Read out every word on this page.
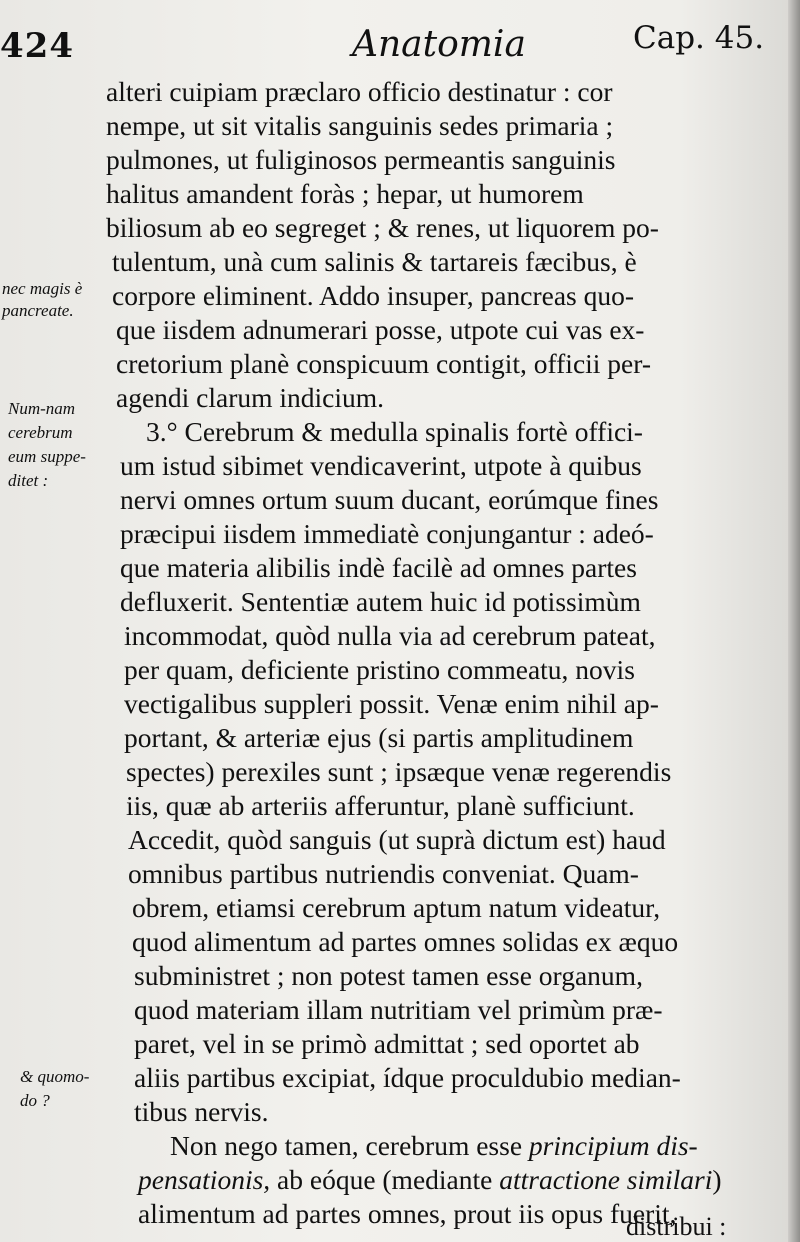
424	Anatomia	Cap. 45.
nec magis è
pancreate.
Num-nam
cerebrum
eum suppe-
ditet :
& quomo-
do ?
alteri cuipiam præclaro officio destinatur : cor
nempe, ut sit vitalis sanguinis sedes primaria ;
pulmones, ut fuliginosos permeantis sanguinis
halitus amandent foràs ; hepar, ut humorem
biliosum ab eo segreget ; & renes, ut liquorem po-
tulentum, unà cum salinis & tartareis fæcibus, è
corpore eliminent. Addo insuper, pancreas quo-
que iisdem adnumerari posse, utpote cui vas ex-
cretorium planè conspicuum contigit, officii per-
agendi clarum indicium.
3.° Cerebrum & medulla spinalis fortè offici-
um istud sibimet vendicaverint, utpote à quibus
nervi omnes ortum suum ducant, eorúmque fines
præcipui iisdem immediatè conjungantur : adeó-
que materia alibilis indè facilè ad omnes partes
defluxerit. Sententiæ autem huic id potissimùm
incommodat, quòd nulla via ad cerebrum pateat,
per quam, deficiente pristino commeatu, novis
vectigalibus suppleri possit. Venæ enim nihil ap-
portant, & arteriæ ejus (si partis amplitudinem
spectes) perexiles sunt ; ipsæque venæ regerendis
iis, quæ ab arteriis afferuntur, planè sufficiunt.
Accedit, quòd sanguis (ut suprà dictum est) haud
omnibus partibus nutriendis conveniat. Quam-
obrem, etiamsi cerebrum aptum natum videatur,
quod alimentum ad partes omnes solidas ex æquo
subministret ; non potest tamen esse organum,
quod materiam illam nutritiam vel primùm præ-
paret, vel in se primò admittat ; sed oportet ab
aliis partibus excipiat, ídque proculdubio median-
tibus nervis.
Non nego tamen, cerebrum esse principium dis-
pensationis, ab eóque (mediante attractione similari)
alimentum ad partes omnes, prout iis opus fuerit,
distribui :
